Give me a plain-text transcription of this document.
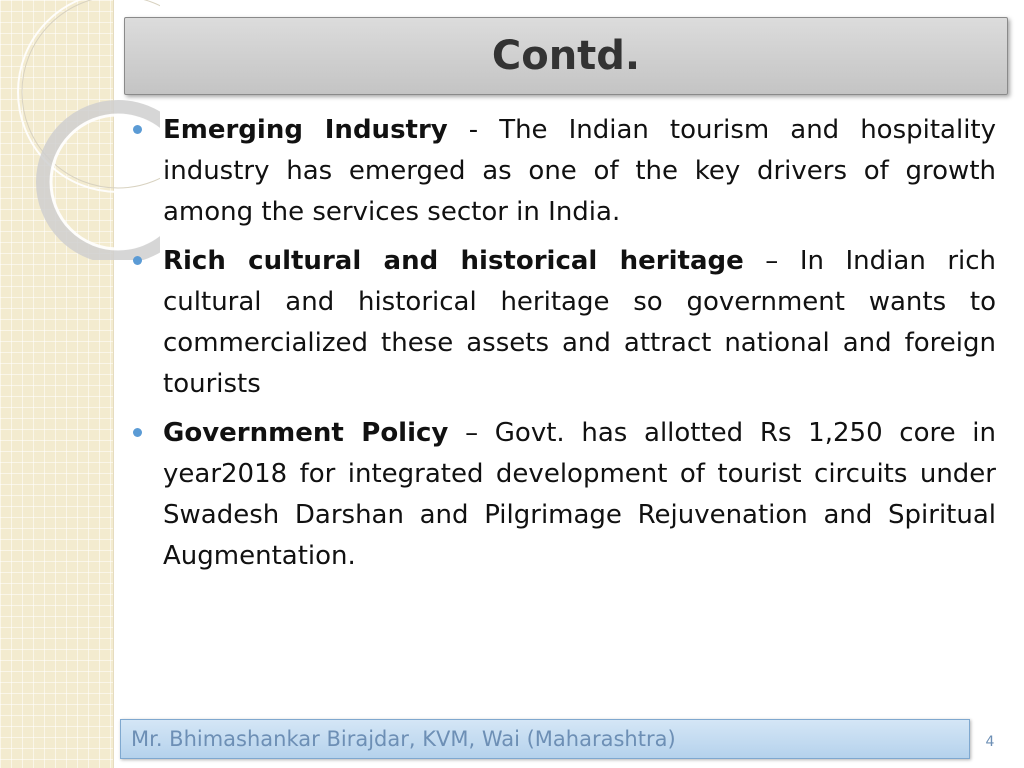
Contd.
Emerging Industry - The Indian tourism and hospitality industry has emerged as one of the key drivers of growth among the services sector in India.
Rich cultural and historical heritage – In Indian rich cultural and historical heritage so government wants to commercialized these assets and attract national and foreign tourists
Government Policy – Govt. has allotted Rs 1,250 core in year2018 for integrated development of tourist circuits under Swadesh Darshan and Pilgrimage Rejuvenation and Spiritual Augmentation.
Mr. Bhimashankar Birajdar, KVM, Wai (Maharashtra)	4
